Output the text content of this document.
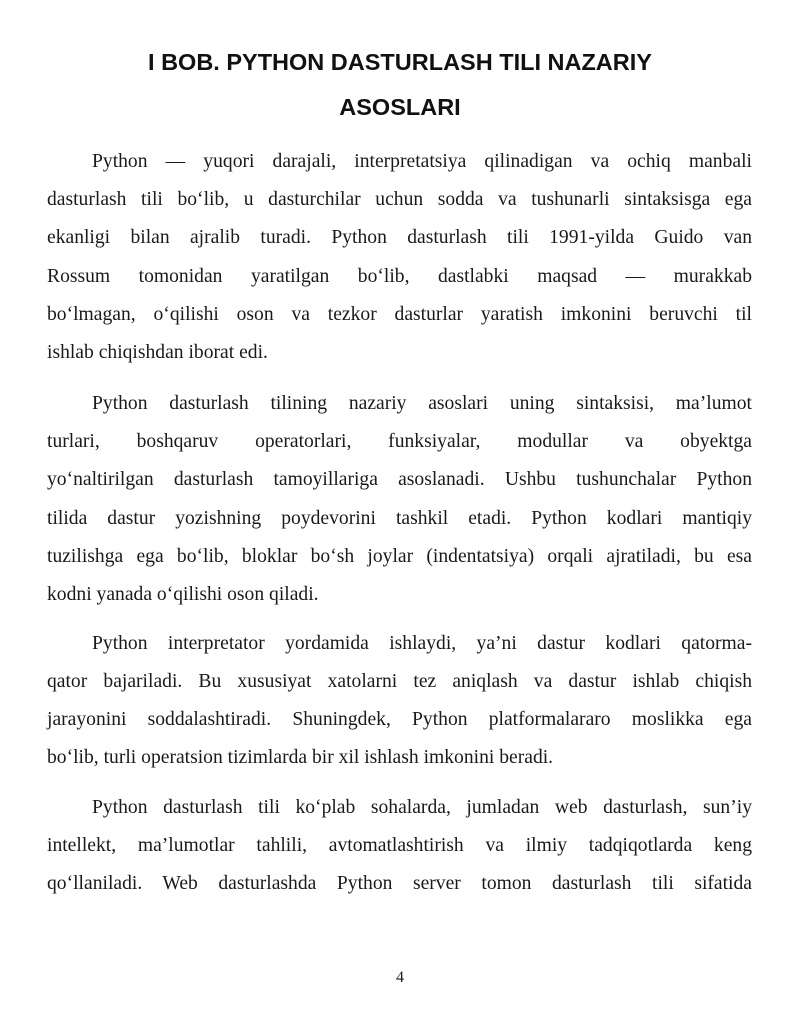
I BOB. PYTHON DASTURLASH TILI NAZARIY
ASOSLARI

Python — yuqori darajali, interpretatsiya qilinadigan va ochiq manbali

dasturlash tili bo‘lib, u dasturchilar uchun sodda va tushunarli sintaksisga ega

ekanligi bilan ajralib turadi. Python dasturlash tili 1991-yilda Guido van

Rossum tomonidan yaratilgan bo‘lib, dastlabki maqsad — murakkab

bo‘lmagan, o‘qilishi oson va tezkor dasturlar yaratish imkonini beruvchi til

ishlab chiqishdan iborat edi.

Python dasturlash tilining nazariy asoslari uning sintaksisi, ma’lumot

turlari, boshqaruv operatorlari, funksiyalar, modullar va obyektga

yo‘naltirilgan dasturlash tamoyillariga asoslanadi. Ushbu tushunchalar Python

tilida dastur yozishning poydevorini tashkil etadi. Python kodlari mantiqiy

tuzilishga ega bo‘lib, bloklar bo‘sh joylar (indentatsiya) orqali ajratiladi, bu esa

kodni yanada o‘qilishi oson qiladi.

Python interpretator yordamida ishlaydi, ya’ni dastur kodlari qatorma-

qator bajariladi. Bu xususiyat xatolarni tez aniqlash va dastur ishlab chiqish

jarayonini soddalashtiradi. Shuningdek, Python platformalararo moslikka ega

bo‘lib, turli operatsion tizimlarda bir xil ishlash imkonini beradi.

Python dasturlash tili ko‘plab sohalarda, jumladan web dasturlash, sun’iy

intellekt, ma’lumotlar tahlili, avtomatlashtirish va ilmiy tadqiqotlarda keng

qo‘llaniladi. Web dasturlashda Python server tomon dasturlash tili sifatida

4
